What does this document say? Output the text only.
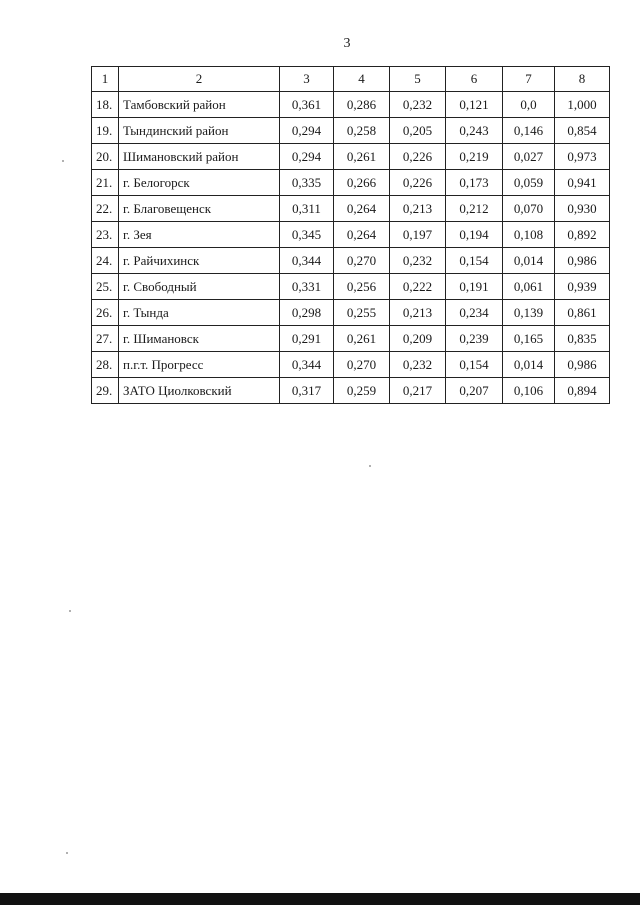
3
1	2	3	4	5	6	7	8
18.	Тамбовский район	0,361	0,286	0,232	0,121	0,0	1,000
19.	Тындинский район	0,294	0,258	0,205	0,243	0,146	0,854
20.	Шимановский район	0,294	0,261	0,226	0,219	0,027	0,973
21.	г. Белогорск	0,335	0,266	0,226	0,173	0,059	0,941
22.	г. Благовещенск	0,311	0,264	0,213	0,212	0,070	0,930
23.	г. Зея	0,345	0,264	0,197	0,194	0,108	0,892
24.	г. Райчихинск	0,344	0,270	0,232	0,154	0,014	0,986
25.	г. Свободный	0,331	0,256	0,222	0,191	0,061	0,939
26.	г. Тында	0,298	0,255	0,213	0,234	0,139	0,861
27.	г. Шимановск	0,291	0,261	0,209	0,239	0,165	0,835
28.	п.г.т. Прогресс	0,344	0,270	0,232	0,154	0,014	0,986
29.	ЗАТО Циолковский	0,317	0,259	0,217	0,207	0,106	0,894
